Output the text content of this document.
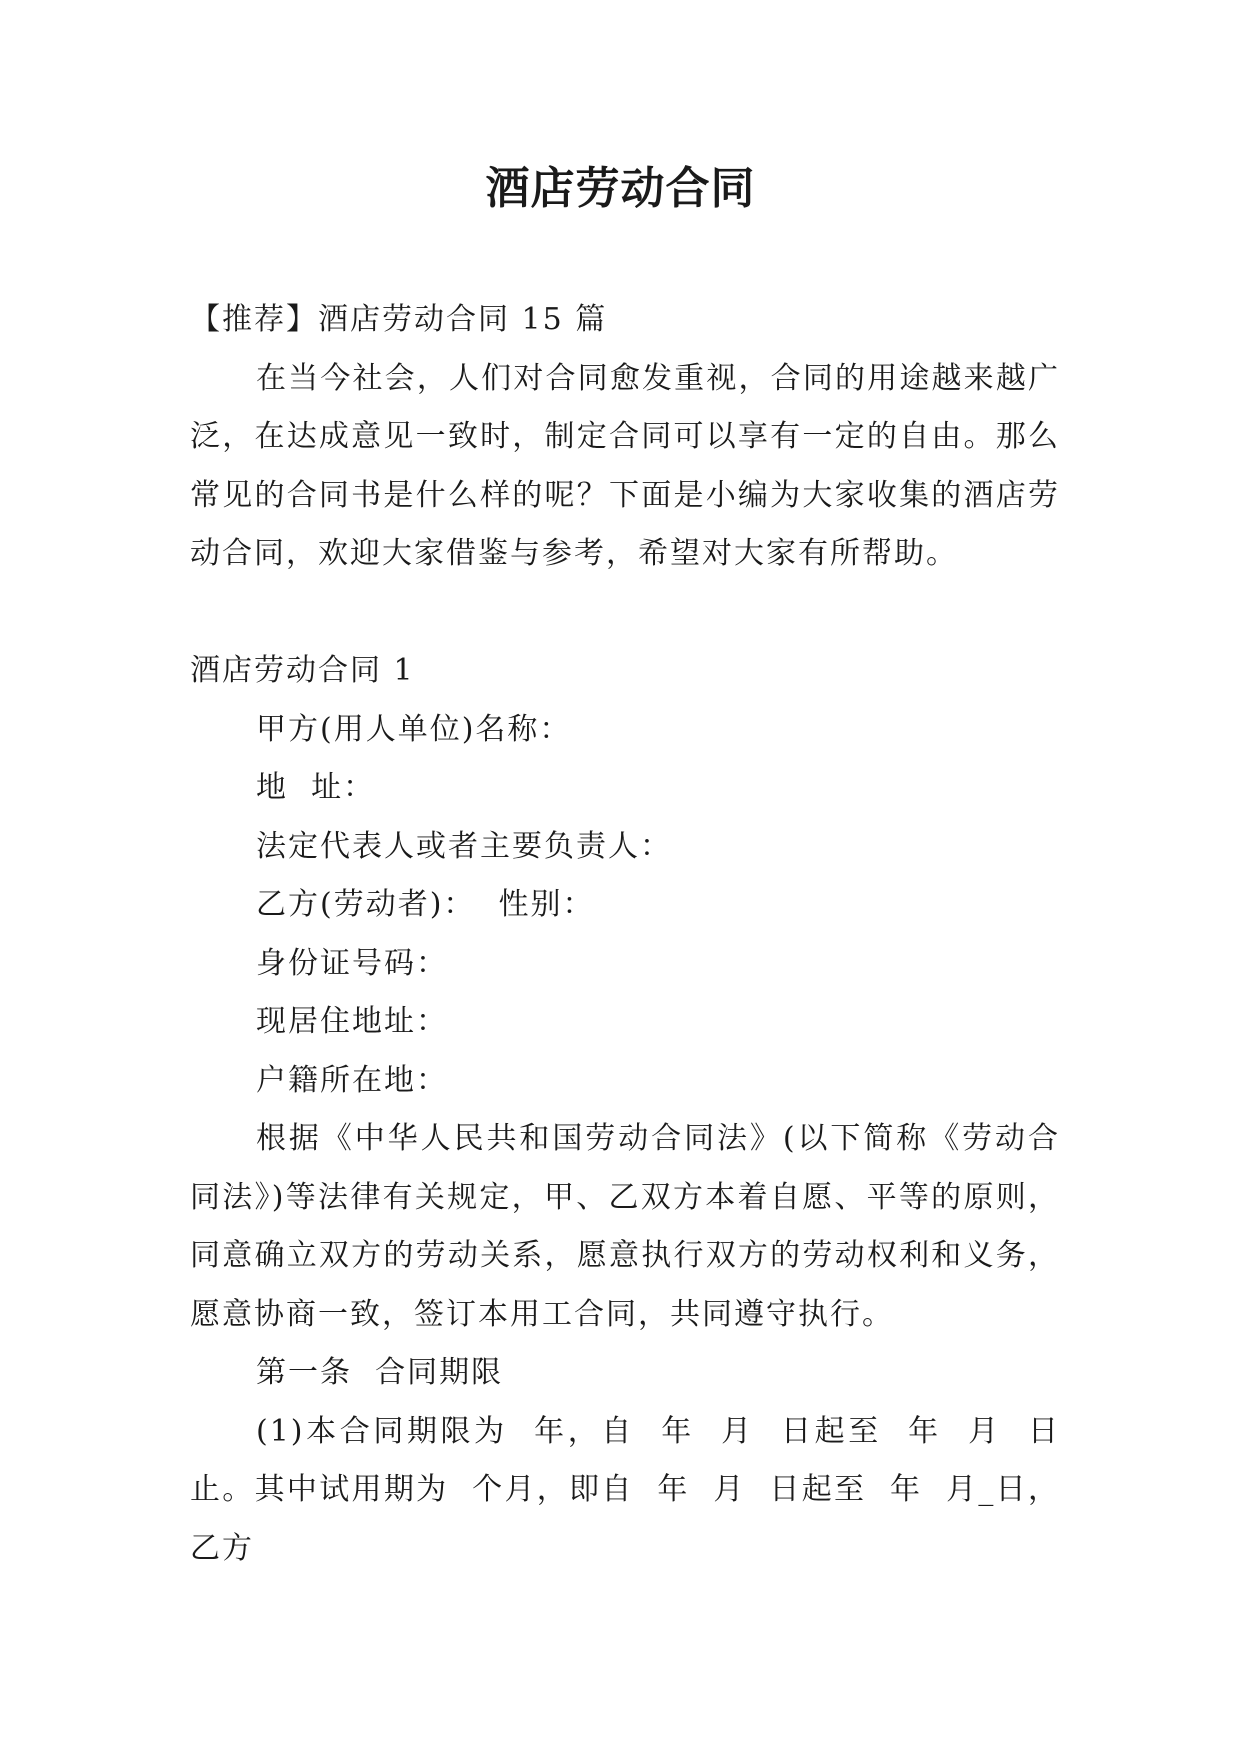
酒店劳动合同

【推荐】酒店劳动合同 15 篇

在当今社会，人们对合同愈发重视，合同的用途越来越广泛，在达成意见一致时，制定合同可以享有一定的自由。那么常见的合同书是什么样的呢？下面是小编为大家收集的酒店劳动合同，欢迎大家借鉴与参考，希望对大家有所帮助。

酒店劳动合同 1

甲方(用人单位)名称：

地  址：

法定代表人或者主要负责人：

乙方(劳动者)：  性别：

身份证号码：

现居住地址：

户籍所在地：

根据《中华人民共和国劳动合同法》(以下简称《劳动合同法》)等法律有关规定，甲、乙双方本着自愿、平等的原则，同意确立双方的劳动关系，愿意执行双方的劳动权利和义务，愿意协商一致，签订本用工合同，共同遵守执行。

第一条  合同期限

(1)本合同期限为  年，自  年  月  日起至  年  月  日止。其中试用期为  个月，即自  年  月  日起至  年  月_日，乙方
